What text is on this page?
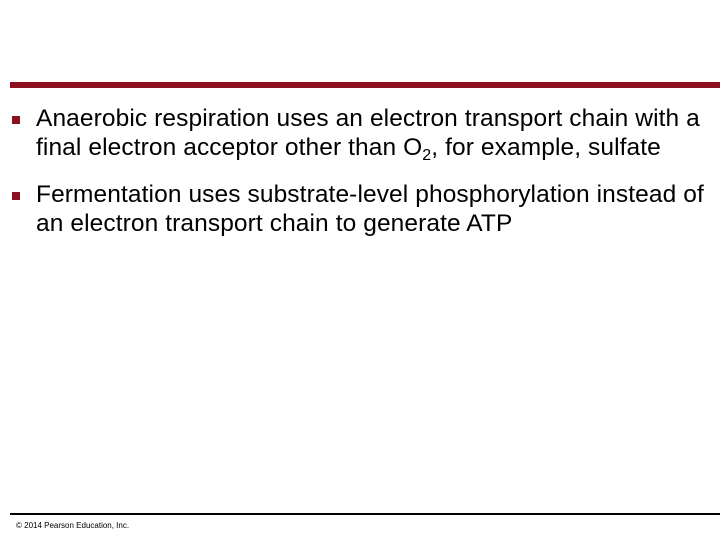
Anaerobic respiration uses an electron transport chain with a final electron acceptor other than $O_2$, for example, sulfate
Fermentation uses substrate-level phosphorylation instead of an electron transport chain to generate ATP
© 2014 Pearson Education, Inc.
